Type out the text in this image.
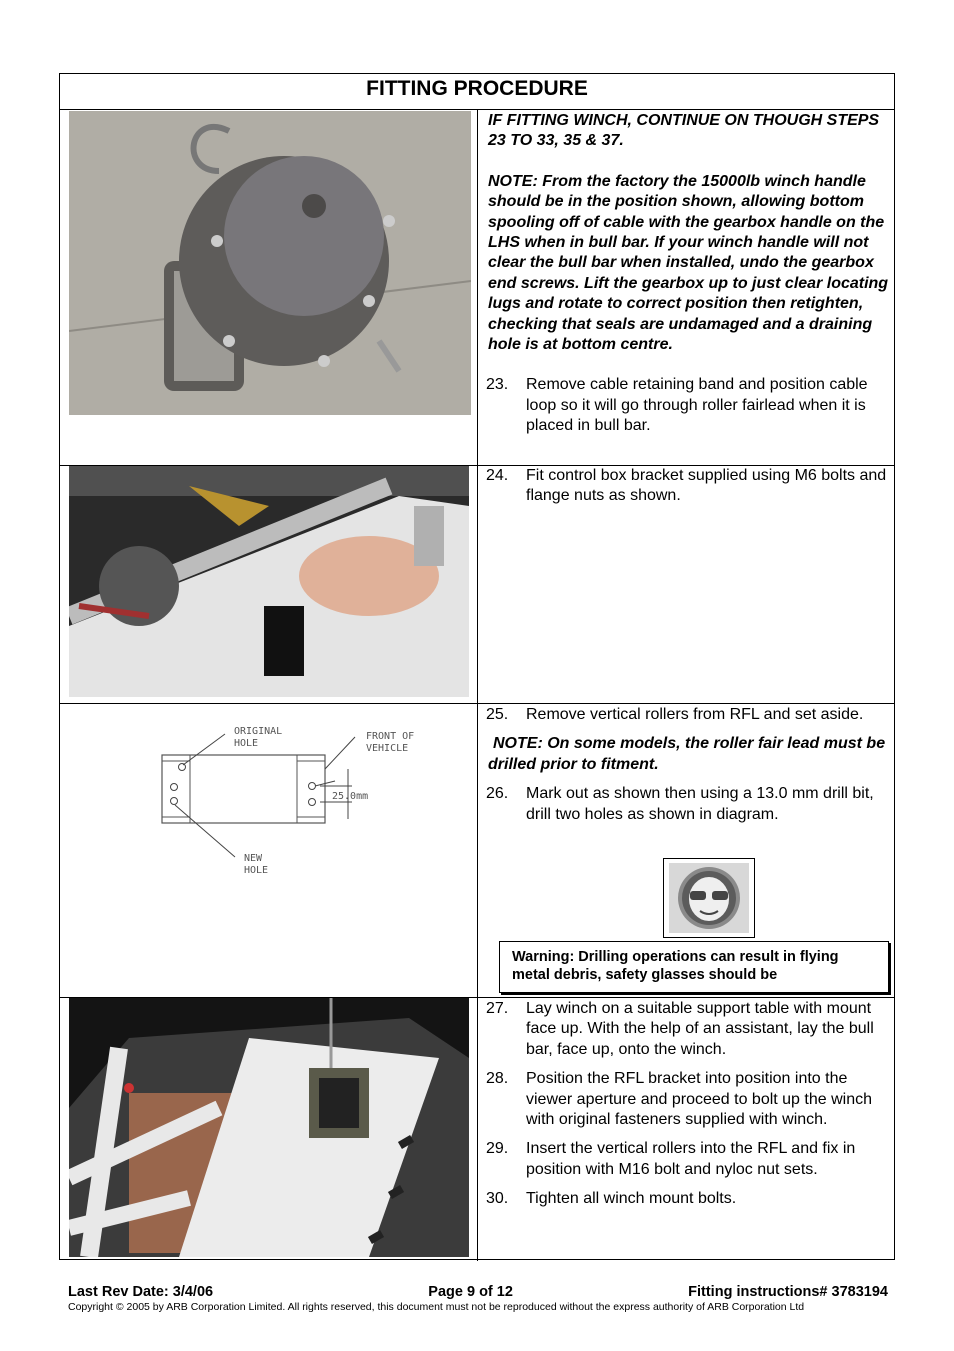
FITTING PROCEDURE

IF FITTING WINCH, CONTINUE ON THOUGH STEPS 23 TO 33, 35 & 37.

NOTE: From the factory the 15000lb winch handle should be in the position shown, allowing bottom spooling off of cable with the gearbox handle on the LHS when in bull bar. If your winch handle will not clear the bull bar when installed, undo the gearbox end screws. Lift the gearbox up to just clear locating lugs and rotate to correct position then retighten, checking that seals are undamaged and a draining hole is at bottom centre.

23.	Remove cable retaining band and position cable loop so it will go through roller fairlead when it is placed in bull bar.
24.	Fit control box bracket supplied using M6 bolts and flange nuts as shown.
ORIGINAL
HOLE
FRONT OF
VEHICLE
25.0mm
NEW
HOLE
25.	Remove vertical rollers from RFL and set aside.

NOTE: On some models, the roller fair lead must be drilled prior to fitment.

26.	Mark out as shown then using a 13.0 mm drill bit, drill two holes as shown in diagram.
Warning: Drilling operations can result in flying metal debris, safety glasses should be
27.	Lay winch on a suitable support table with mount face up. With the help of an assistant, lay the bull bar, face up, onto the winch.
28.	Position the RFL bracket into position into the viewer aperture and proceed to bolt up the winch with original fasteners supplied with winch.
29.	Insert the vertical rollers into the RFL and fix in position with M16 bolt and nyloc nut sets.
30.	Tighten all winch mount bolts.
Last Rev Date: 3/4/06	Page 9 of 12	Fitting instructions# 3783194
Copyright © 2005 by ARB Corporation Limited. All rights reserved, this document must not be reproduced without the express authority of ARB Corporation Ltd
